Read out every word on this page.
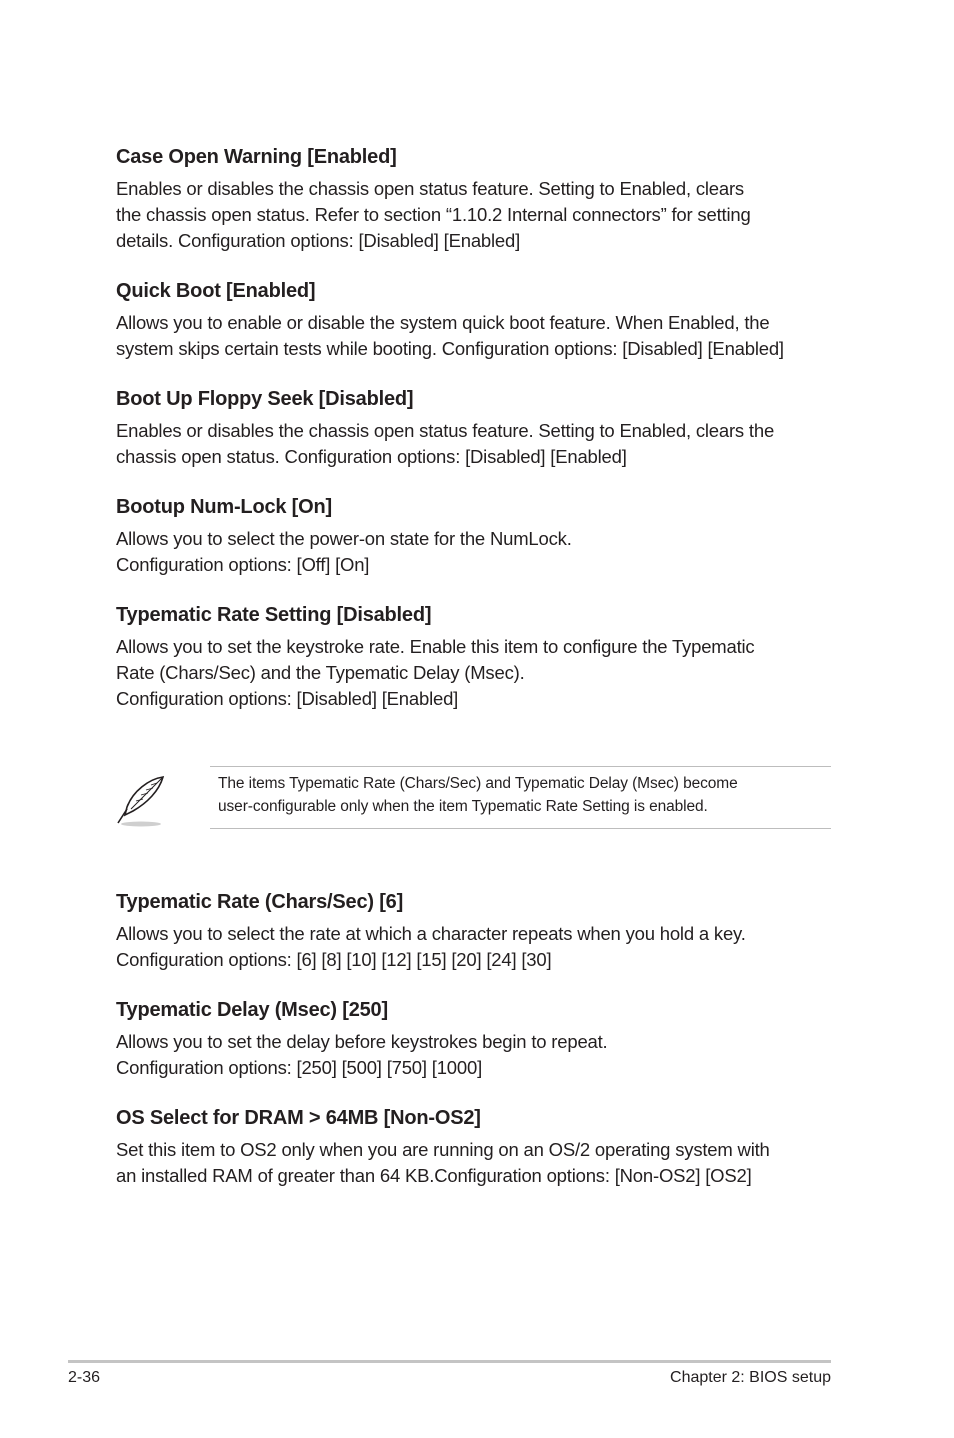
Case Open Warning [Enabled]

Enables or disables the chassis open status feature. Setting to Enabled, clears
the chassis open status. Refer to section “1.10.2 Internal connectors” for setting
details. Configuration options: [Disabled] [Enabled]

Quick Boot [Enabled]

Allows you to enable or disable the system quick boot feature. When Enabled, the
system skips certain tests while booting. Configuration options: [Disabled] [Enabled]

Boot Up Floppy Seek [Disabled]

Enables or disables the chassis open status feature. Setting to Enabled, clears the
chassis open status. Configuration options: [Disabled] [Enabled]

Bootup Num-Lock [On]

Allows you to select the power-on state for the NumLock.
Configuration options: [Off] [On]

Typematic Rate Setting [Disabled]

Allows you to set the keystroke rate. Enable this item to configure the Typematic
Rate (Chars/Sec) and the Typematic Delay (Msec).
Configuration options: [Disabled] [Enabled]

The items Typematic Rate (Chars/Sec) and Typematic Delay (Msec) become
user-configurable only when the item Typematic Rate Setting is enabled.

Typematic Rate (Chars/Sec) [6]

Allows you to select the rate at which a character repeats when you hold a key.
Configuration options: [6] [8] [10] [12] [15] [20] [24] [30]

Typematic Delay (Msec) [250]

Allows you to set the delay before keystrokes begin to repeat.
Configuration options: [250] [500] [750] [1000]

OS Select for DRAM > 64MB [Non-OS2]

Set this item to OS2 only when you are running on an OS/2 operating system with
an installed RAM of greater than 64 KB.Configuration options: [Non-OS2] [OS2]

2-36	Chapter 2: BIOS setup
